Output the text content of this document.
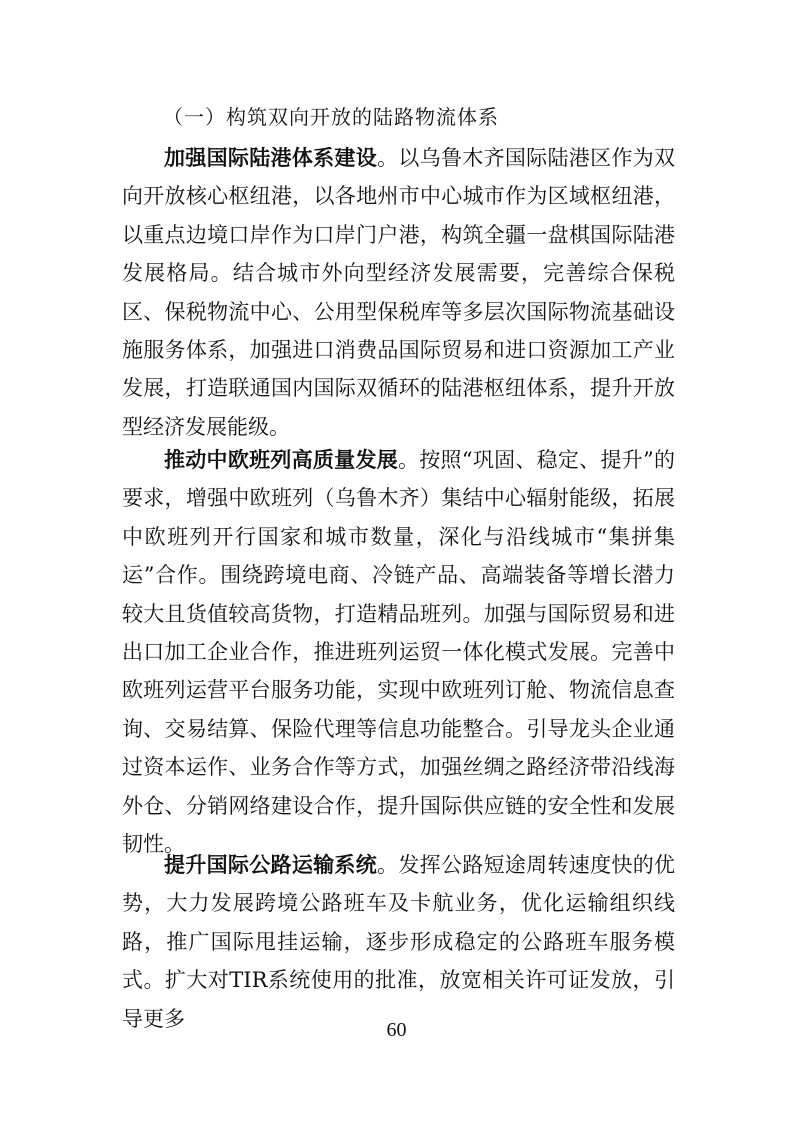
（一）构筑双向开放的陆路物流体系

加强国际陆港体系建设。以乌鲁木齐国际陆港区作为双向开放核心枢纽港，以各地州市中心城市作为区域枢纽港，以重点边境口岸作为口岸门户港，构筑全疆一盘棋国际陆港发展格局。结合城市外向型经济发展需要，完善综合保税区、保税物流中心、公用型保税库等多层次国际物流基础设施服务体系，加强进口消费品国际贸易和进口资源加工产业发展，打造联通国内国际双循环的陆港枢纽体系，提升开放型经济发展能级。

推动中欧班列高质量发展。按照“巩固、稳定、提升”的要求，增强中欧班列（乌鲁木齐）集结中心辐射能级，拓展中欧班列开行国家和城市数量，深化与沿线城市“集拼集运”合作。围绕跨境电商、冷链产品、高端装备等增长潜力较大且货值较高货物，打造精品班列。加强与国际贸易和进出口加工企业合作，推进班列运贸一体化模式发展。完善中欧班列运营平台服务功能，实现中欧班列订舱、物流信息查询、交易结算、保险代理等信息功能整合。引导龙头企业通过资本运作、业务合作等方式，加强丝绸之路经济带沿线海外仓、分销网络建设合作，提升国际供应链的安全性和发展韧性。

提升国际公路运输系统。发挥公路短途周转速度快的优势，大力发展跨境公路班车及卡航业务，优化运输组织线路，推广国际甩挂运输，逐步形成稳定的公路班车服务模式。扩大对TIR系统使用的批准，放宽相关许可证发放，引导更多	60
